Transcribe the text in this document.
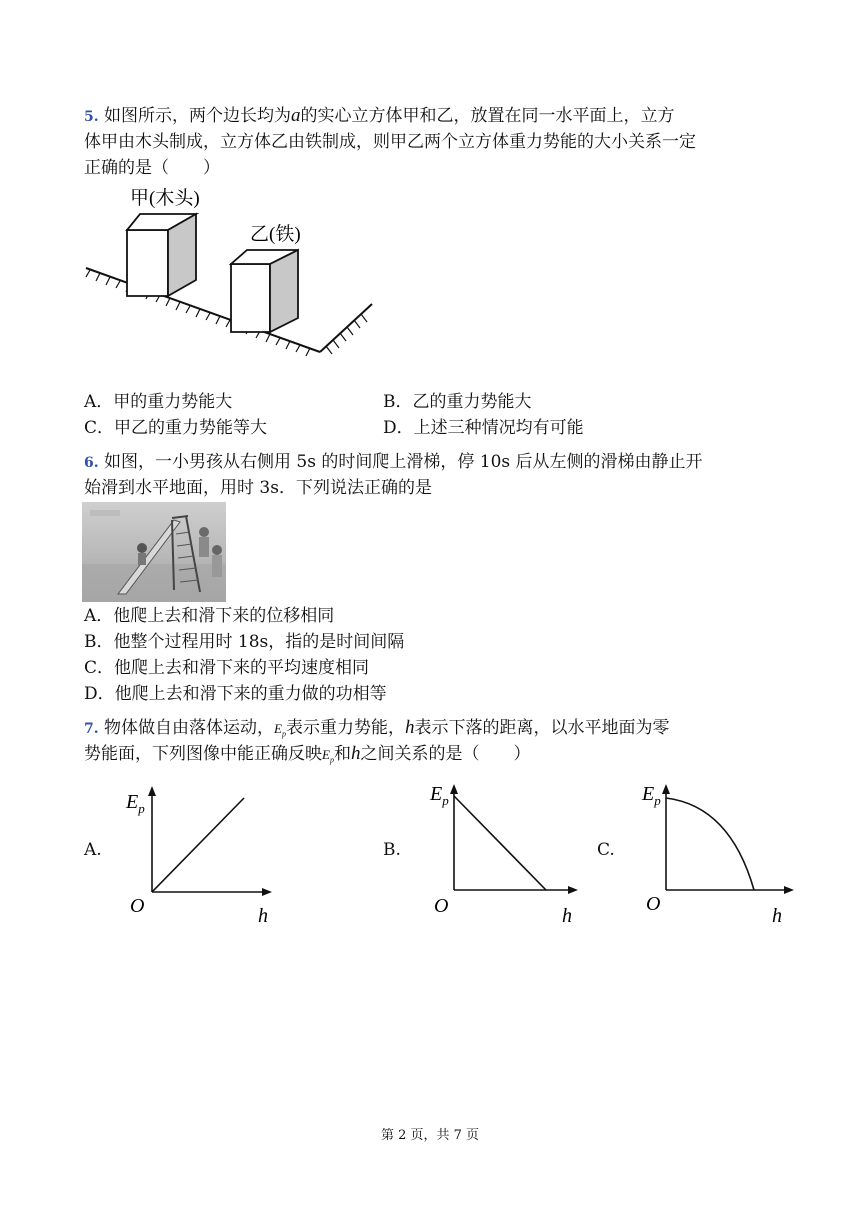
5. 如图所示，两个边长均为a的实心立方体甲和乙，放置在同一水平面上，立方
体甲由木头制成，立方体乙由铁制成，则甲乙两个立方体重力势能的大小关系一定
正确的是（　　）
甲(木头)
乙(铁)
A．甲的重力势能大	B．乙的重力势能大
C．甲乙的重力势能等大	D．上述三种情况均有可能
6. 如图，一小男孩从右侧用 5s 的时间爬上滑梯，停 10s 后从左侧的滑梯由静止开
始滑到水平地面，用时 3s．下列说法正确的是
A．他爬上去和滑下来的位移相同
B．他整个过程用时 18s，指的是时间间隔
C．他爬上去和滑下来的平均速度相同
D．他爬上去和滑下来的重力做的功相等
7. 物体做自由落体运动，$E_p$表示重力势能，h表示下落的距离，以水平地面为零
势能面，下列图像中能正确反映$E_p$和h之间关系的是（　　）
A.
$E_p$
O	h
B.
$E_p$
O	h
C.
$E_p$
O
h
第 2 页，共 7 页
